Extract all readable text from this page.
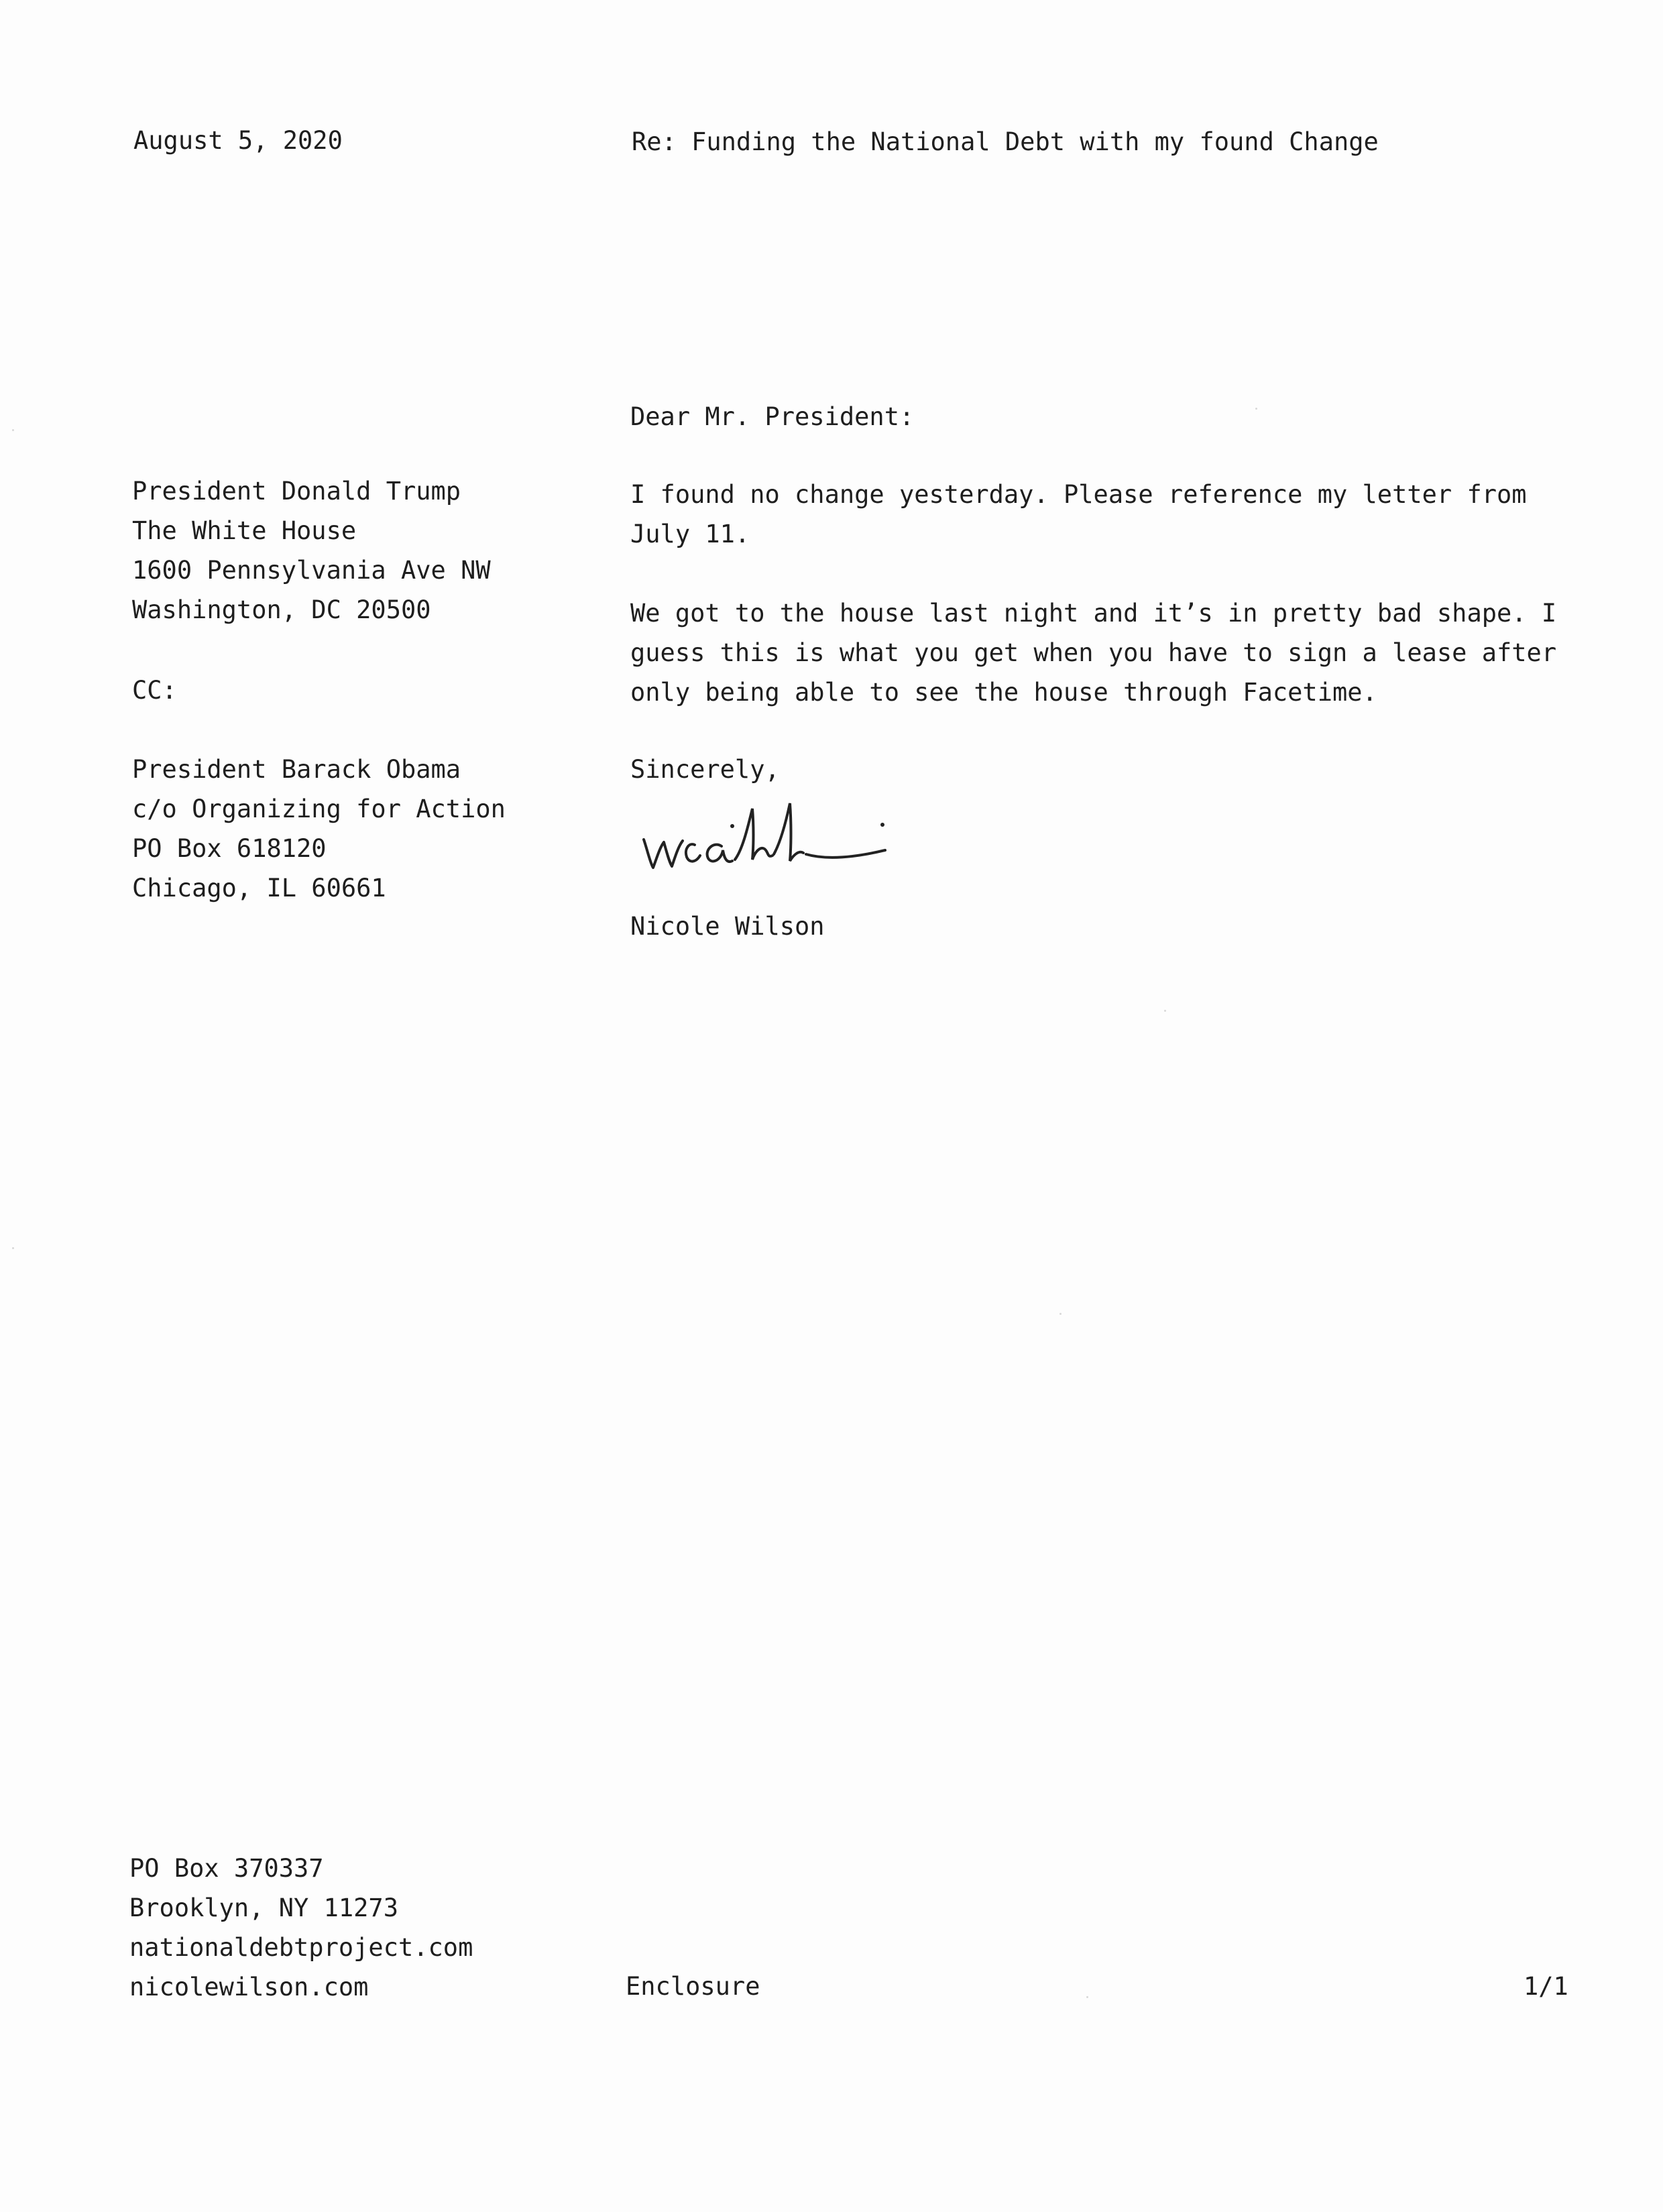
August 5, 2020	Re: Funding the National Debt with my found Change
Dear Mr. President:
President Donald Trump
The White House
1600 Pennsylvania Ave NW
Washington, DC 20500
CC:
President Barack Obama
c/o Organizing for Action
PO Box 618120
Chicago, IL 60661
I found no change yesterday. Please reference my letter from July 11.
We got to the house last night and it’s in pretty bad shape. I guess this is what you get when you have to sign a lease after only being able to see the house through Facetime.
Sincerely,
Nicole Wilson
PO Box 370337
Brooklyn, NY 11273
nationaldebtproject.com
nicolewilson.com	Enclosure	1/1
